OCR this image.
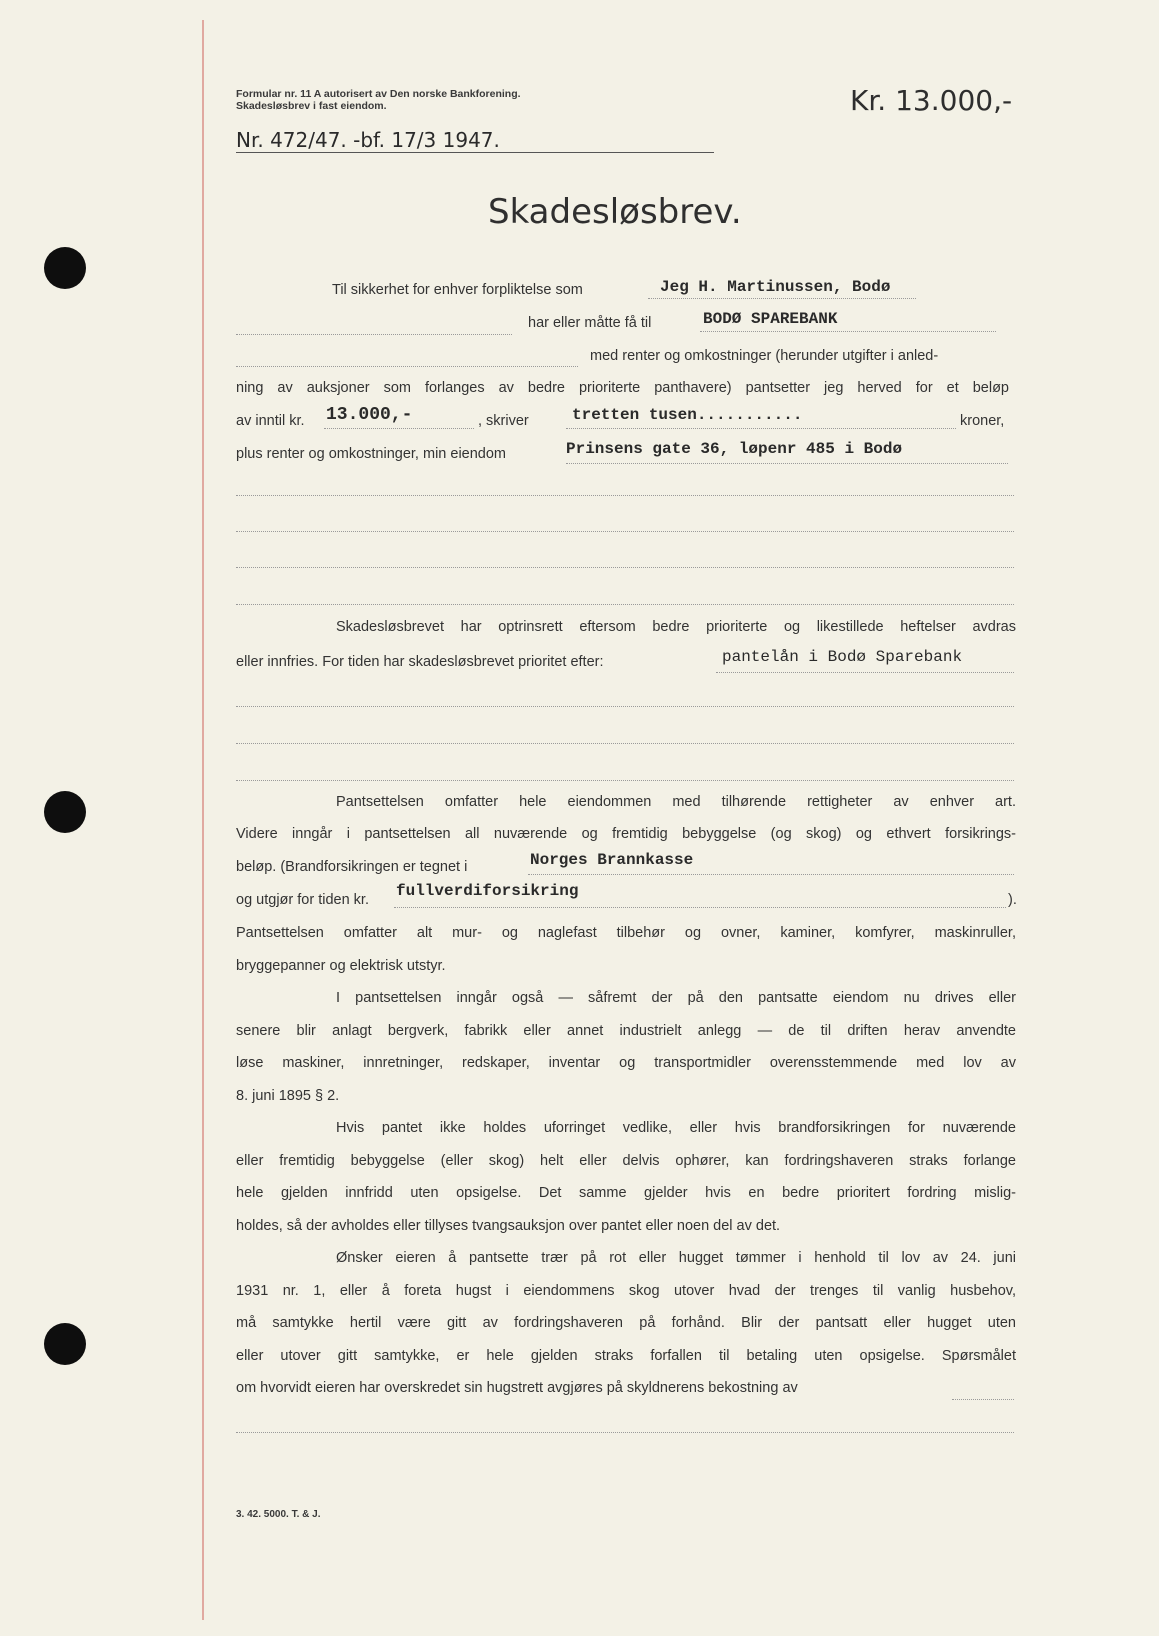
Formular nr. 11 A autorisert av Den norske Bankforening.
Skadesløsbrev i fast eiendom.	Kr. 13.000,-
Nr. 472/47. -bf. 17/3 1947.
Skadesløsbrev.
Til sikkerhet for enhver forpliktelse som	Jeg H. Martinussen, Bodø
har eller måtte få til	BODØ SPAREBANK
med renter og omkostninger (herunder utgifter i anled-
ning av auksjoner som forlanges av bedre prioriterte panthavere) pantsetter jeg herved for et beløp
av inntil kr. 13.000,-	, skriver	tretten tusen...........	kroner,
plus renter og omkostninger, min eiendom	Prinsens gate 36, løpenr 485 i Bodø
Skadesløsbrevet har optrinsrett eftersom bedre prioriterte og likestillede heftelser avdras
eller innfries. For tiden har skadesløsbrevet prioritet efter:	pantelån i Bodø Sparebank
Pantsettelsen omfatter hele eiendommen med tilhørende rettigheter av enhver art.
Videre inngår i pantsettelsen all nuværende og fremtidig bebyggelse (og skog) og ethvert forsikrings-
beløp. (Brandforsikringen er tegnet i	Norges Brannkasse
og utgjør for tiden kr. fullverdiforsikring	).
Pantsettelsen omfatter alt mur- og naglefast tilbehør og ovner, kaminer, komfyrer, maskinruller,
bryggepanner og elektrisk utstyr.
I pantsettelsen inngår også — såfremt der på den pantsatte eiendom nu drives eller
senere blir anlagt bergverk, fabrikk eller annet industrielt anlegg — de til driften herav anvendte
løse maskiner, innretninger, redskaper, inventar og transportmidler overensstemmende med lov av
8. juni 1895 § 2.
Hvis pantet ikke holdes uforringet vedlike, eller hvis brandforsikringen for nuværende
eller fremtidig bebyggelse (eller skog) helt eller delvis ophører, kan fordringshaveren straks forlange
hele gjelden innfridd uten opsigelse. Det samme gjelder hvis en bedre prioritert fordring mislig-
holdes, så der avholdes eller tillyses tvangsauksjon over pantet eller noen del av det.
Ønsker eieren å pantsette trær på rot eller hugget tømmer i henhold til lov av 24. juni
1931 nr. 1, eller å foreta hugst i eiendommens skog utover hvad der trenges til vanlig husbehov,
må samtykke hertil være gitt av fordringshaveren på forhånd. Blir der pantsatt eller hugget uten
eller utover gitt samtykke, er hele gjelden straks forfallen til betaling uten opsigelse. Spørsmålet
om hvorvidt eieren har overskredet sin hugstrett avgjøres på skyldnerens bekostning av
3. 42. 5000. T. & J.
